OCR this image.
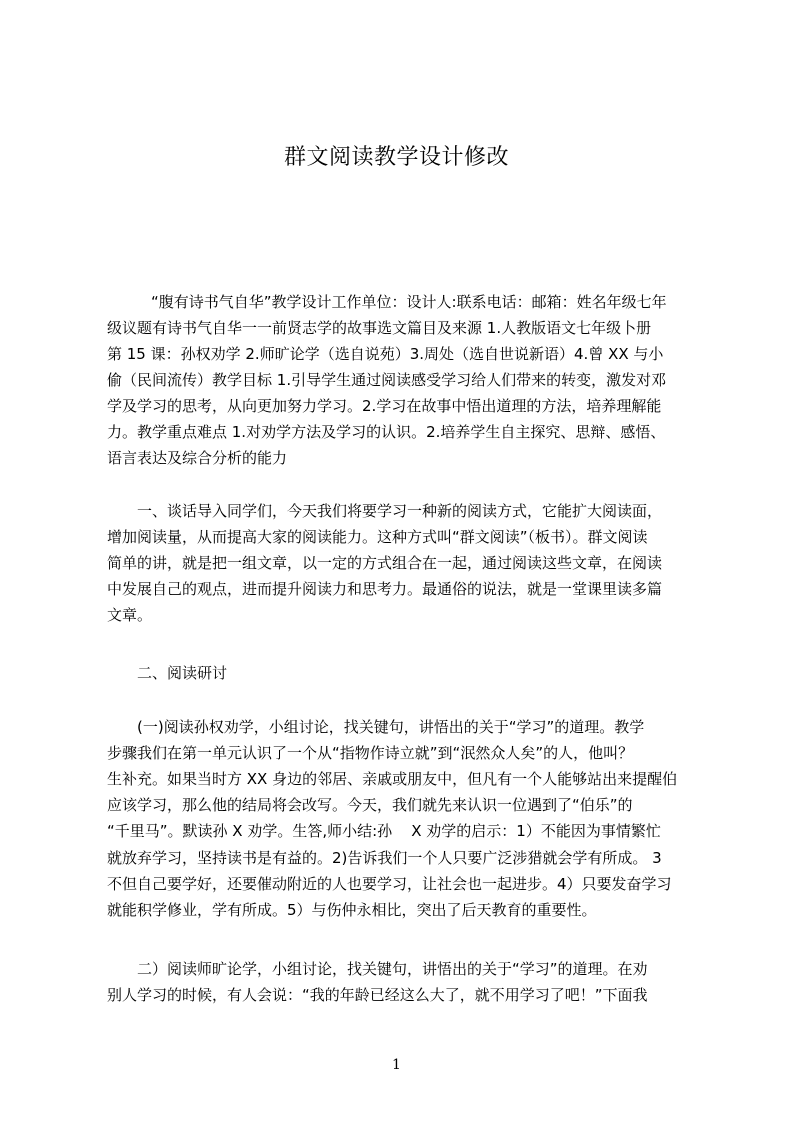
群文阅读教学设计修改
“腹有诗书气自华”教学设计工作单位：设计人:联系电话：邮箱：姓名年级七年
级议题有诗书气自华一一前贤志学的故事选文篇目及来源 1.人教版语文七年级卜册
第 15 课：孙权劝学 2.师旷论学（选自说苑）3.周处（选自世说新语）4.曾 XX 与小
偷（民间流传）教学目标 1.引导学生通过阅读感受学习给人们带来的转变，激发对邓
学及学习的思考，从向更加努力学习。2.学习在故事中悟出道理的方法，培养理解能
力。教学重点难点 1.对劝学方法及学习的认识。2.培养学生自主探究、思辩、感悟、
语言表达及综合分析的能力
一、谈话导入同学们，今天我们将要学习一种新的阅读方式，它能扩大阅读面，
增加阅读量，从而提高大家的阅读能力。这种方式叫“群文阅读”（板书）。群文阅读
简单的讲，就是把一组文章，以一定的方式组合在一起，通过阅读这些文章，在阅读
中发展自己的观点，进而提升阅读力和思考力。最通俗的说法，就是一堂课里读多篇
文章。
二、阅读研讨
(一)阅读孙权劝学，小组讨论，找关键句，讲悟出的关于“学习”的道理。教学
步骤我们在第一单元认识了一个从“指物作诗立就”到“泯然众人矣”的人，他叫？
生补充。如果当时方 XX 身边的邻居、亲戚或朋友中，但凡有一个人能够站出来提醒伯
应该学习，那么他的结局将会改写。今天，我们就先来认识一位遇到了“伯乐”的
“千里马”。默读孙 X 劝学。生答,师小结:孙    X 劝学的启示：1）不能因为事情繁忙
就放弃学习，坚持读书是有益的。2)告诉我们一个人只要广泛涉猎就会学有所成。 3
不但自己要学好，还要催动附近的人也要学习，让社会也一起进步。4）只要发奋学习
就能积学修业，学有所成。5）与伤仲永相比，突出了后天教育的重要性。
二）阅读师旷论学，小组讨论，找关键句，讲悟出的关于“学习”的道理。在劝
别人学习的时候，有人会说：“我的年龄已经这么大了，就不用学习了吧！”下面我
1
